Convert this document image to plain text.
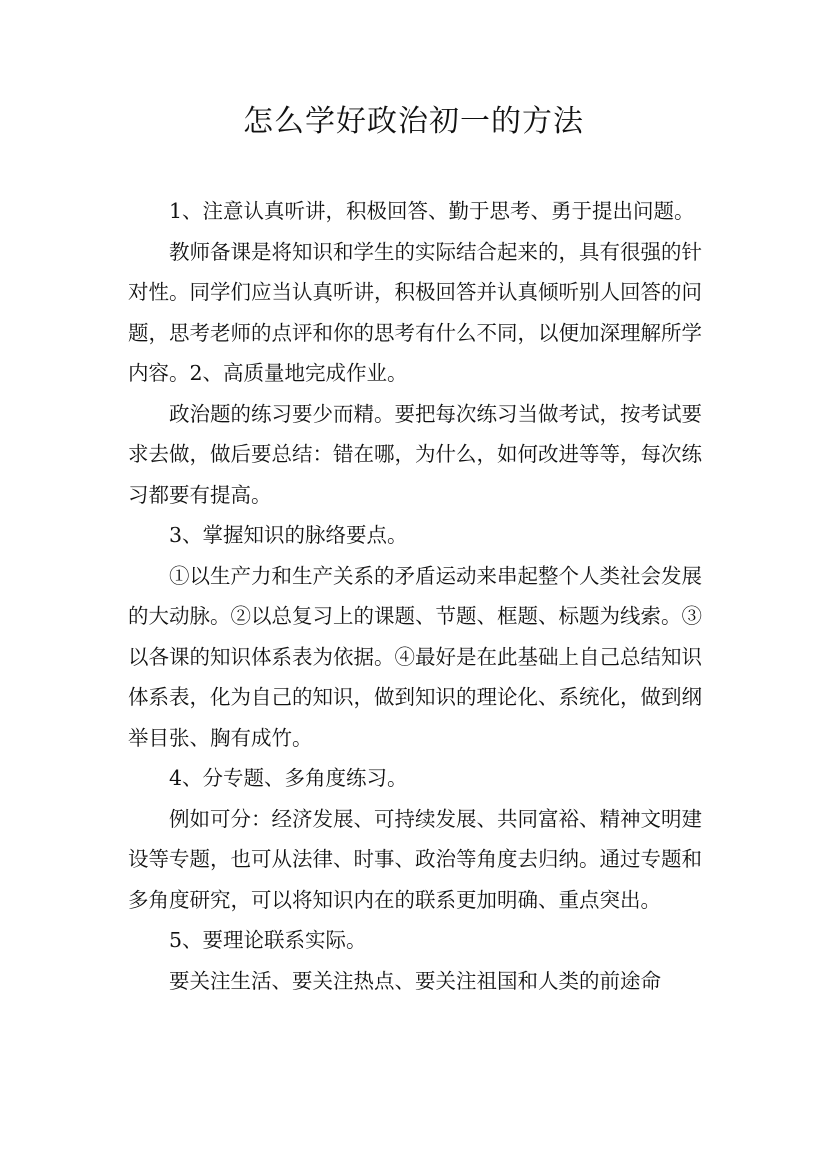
怎么学好政治初一的方法

1、注意认真听讲，积极回答、勤于思考、勇于提出问题。

教师备课是将知识和学生的实际结合起来的，具有很强的针对性。同学们应当认真听讲，积极回答并认真倾听别人回答的问题，思考老师的点评和你的思考有什么不同，以便加深理解所学内容。2、高质量地完成作业。

政治题的练习要少而精。要把每次练习当做考试，按考试要求去做，做后要总结：错在哪，为什么，如何改进等等，每次练习都要有提高。

3、掌握知识的脉络要点。

①以生产力和生产关系的矛盾运动来串起整个人类社会发展的大动脉。②以总复习上的课题、节题、框题、标题为线索。③以各课的知识体系表为依据。④最好是在此基础上自己总结知识体系表，化为自己的知识，做到知识的理论化、系统化，做到纲举目张、胸有成竹。

4、分专题、多角度练习。

例如可分：经济发展、可持续发展、共同富裕、精神文明建设等专题，也可从法律、时事、政治等角度去归纳。通过专题和多角度研究，可以将知识内在的联系更加明确、重点突出。

5、要理论联系实际。

要关注生活、要关注热点、要关注祖国和人类的前途命
